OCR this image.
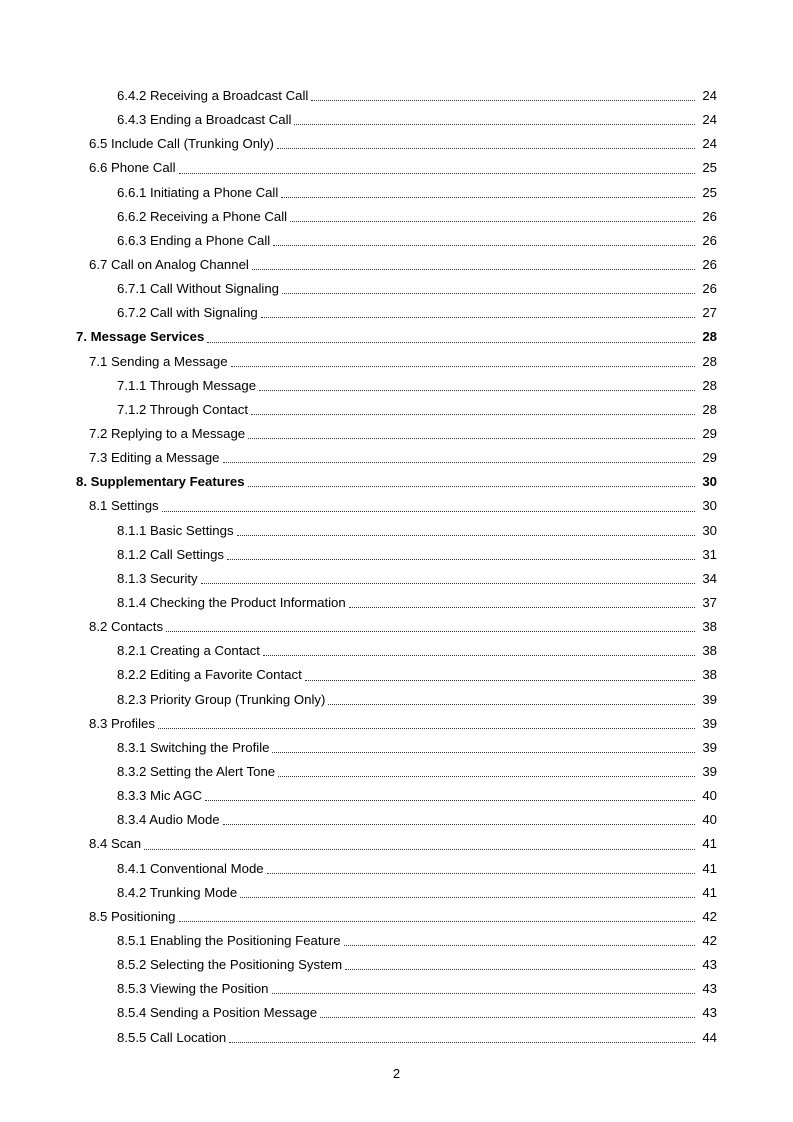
6.4.2 Receiving a Broadcast Call	24
6.4.3 Ending a Broadcast Call	24
6.5 Include Call (Trunking Only)	24
6.6 Phone Call	25
6.6.1 Initiating a Phone Call	25
6.6.2 Receiving a Phone Call	26
6.6.3 Ending a Phone Call	26
6.7 Call on Analog Channel	26
6.7.1 Call Without Signaling	26
6.7.2 Call with Signaling	27
7. Message Services	28
7.1 Sending a Message	28
7.1.1 Through Message	28
7.1.2 Through Contact	28
7.2 Replying to a Message	29
7.3 Editing a Message	29
8. Supplementary Features	30
8.1 Settings	30
8.1.1 Basic Settings	30
8.1.2 Call Settings	31
8.1.3 Security	34
8.1.4 Checking the Product Information	37
8.2 Contacts	38
8.2.1 Creating a Contact	38
8.2.2 Editing a Favorite Contact	38
8.2.3 Priority Group (Trunking Only)	39
8.3 Profiles	39
8.3.1 Switching the Profile	39
8.3.2 Setting the Alert Tone	39
8.3.3 Mic AGC	40
8.3.4 Audio Mode	40
8.4 Scan	41
8.4.1 Conventional Mode	41
8.4.2 Trunking Mode	41
8.5 Positioning	42
8.5.1 Enabling the Positioning Feature	42
8.5.2 Selecting the Positioning System	43
8.5.3 Viewing the Position	43
8.5.4 Sending a Position Message	43
8.5.5 Call Location	44
2
